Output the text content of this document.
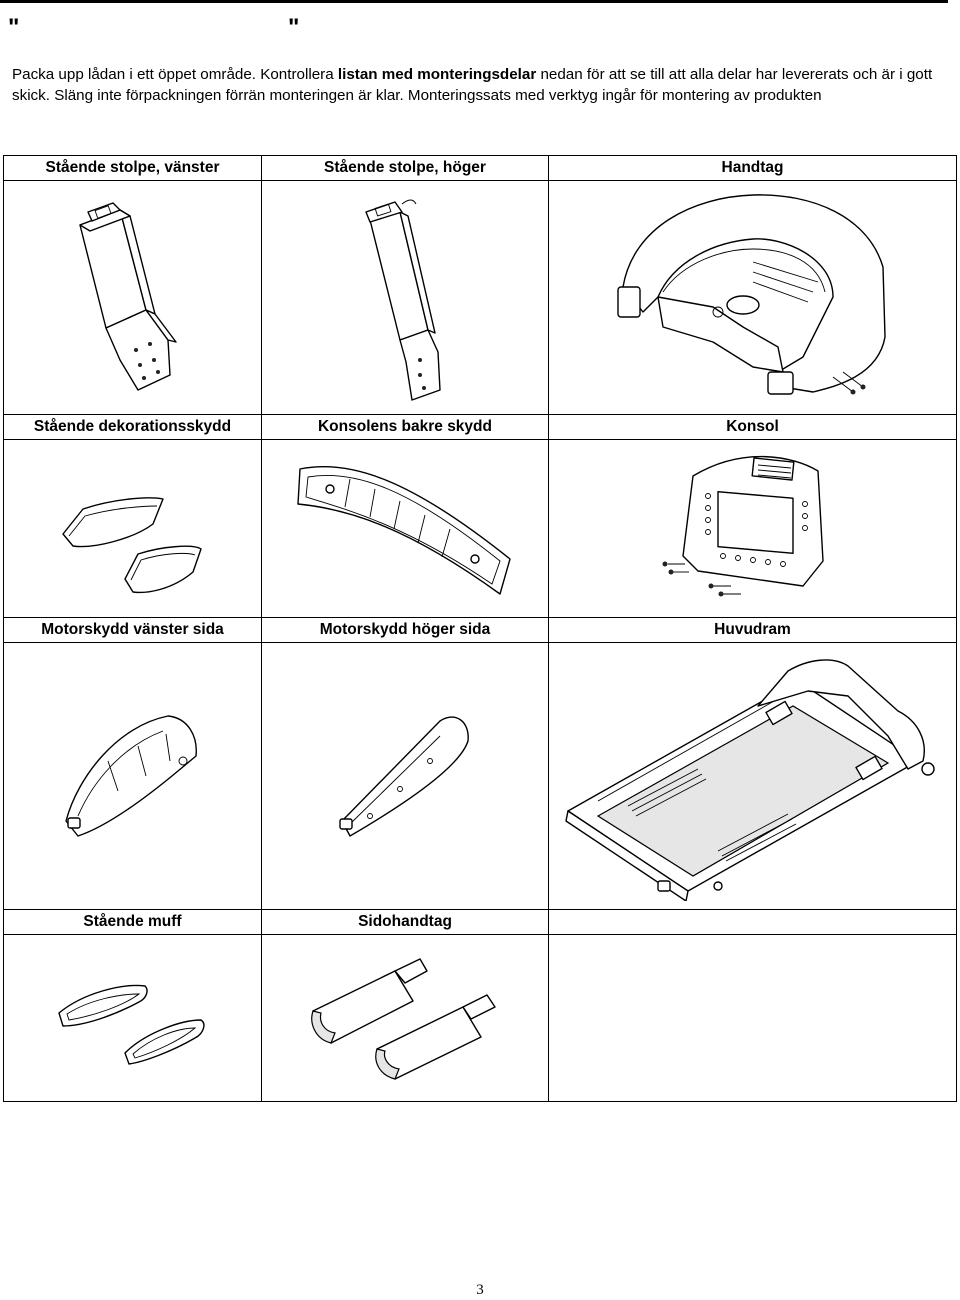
"	"
Packa upp lådan i ett öppet område. Kontrollera listan med monteringsdelar nedan för att se till att alla delar har levererats och är i gott skick. Släng inte förpackningen förrän monteringen är klar. Monteringssats med verktyg ingår för montering av produkten
Stående stolpe, vänster	Stående stolpe, höger	Handtag

Stående dekorationsskydd	Konsolens bakre skydd	Konsol

Motorskydd vänster sida	Motorskydd höger sida	Huvudram

Stående muff	Sidohandtag	

3
